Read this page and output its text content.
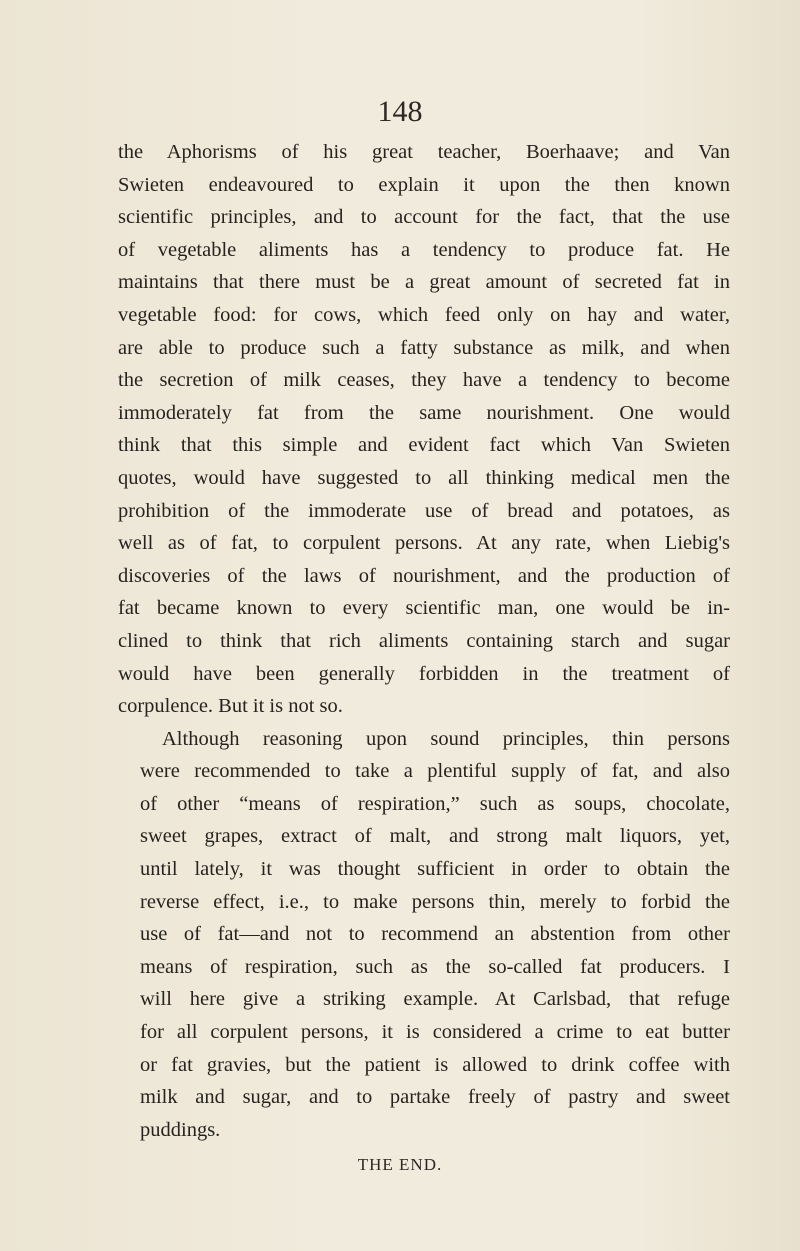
148

the Aphorisms of his great teacher, Boerhaave; and Van
Swieten endeavoured to explain it upon the then known
scientific principles, and to account for the fact, that the use
of vegetable aliments has a tendency to produce fat. He
maintains that there must be a great amount of secreted fat in
vegetable food: for cows, which feed only on hay and water,
are able to produce such a fatty substance as milk, and when
the secretion of milk ceases, they have a tendency to become
immoderately fat from the same nourishment. One would
think that this simple and evident fact which Van Swieten
quotes, would have suggested to all thinking medical men the
prohibition of the immoderate use of bread and potatoes, as
well as of fat, to corpulent persons. At any rate, when Liebig's
discoveries of the laws of nourishment, and the production of
fat became known to every scientific man, one would be in-
clined to think that rich aliments containing starch and sugar
would have been generally forbidden in the treatment of
corpulence. But it is not so.

Although reasoning upon sound principles, thin persons
were recommended to take a plentiful supply of fat, and also
of other “means of respiration,” such as soups, chocolate,
sweet grapes, extract of malt, and strong malt liquors, yet,
until lately, it was thought sufficient in order to obtain the
reverse effect, i.e., to make persons thin, merely to forbid the
use of fat—and not to recommend an abstention from other
means of respiration, such as the so-called fat producers. I
will here give a striking example. At Carlsbad, that refuge
for all corpulent persons, it is considered a crime to eat butter
or fat gravies, but the patient is allowed to drink coffee with
milk and sugar, and to partake freely of pastry and sweet
puddings.

THE END.
